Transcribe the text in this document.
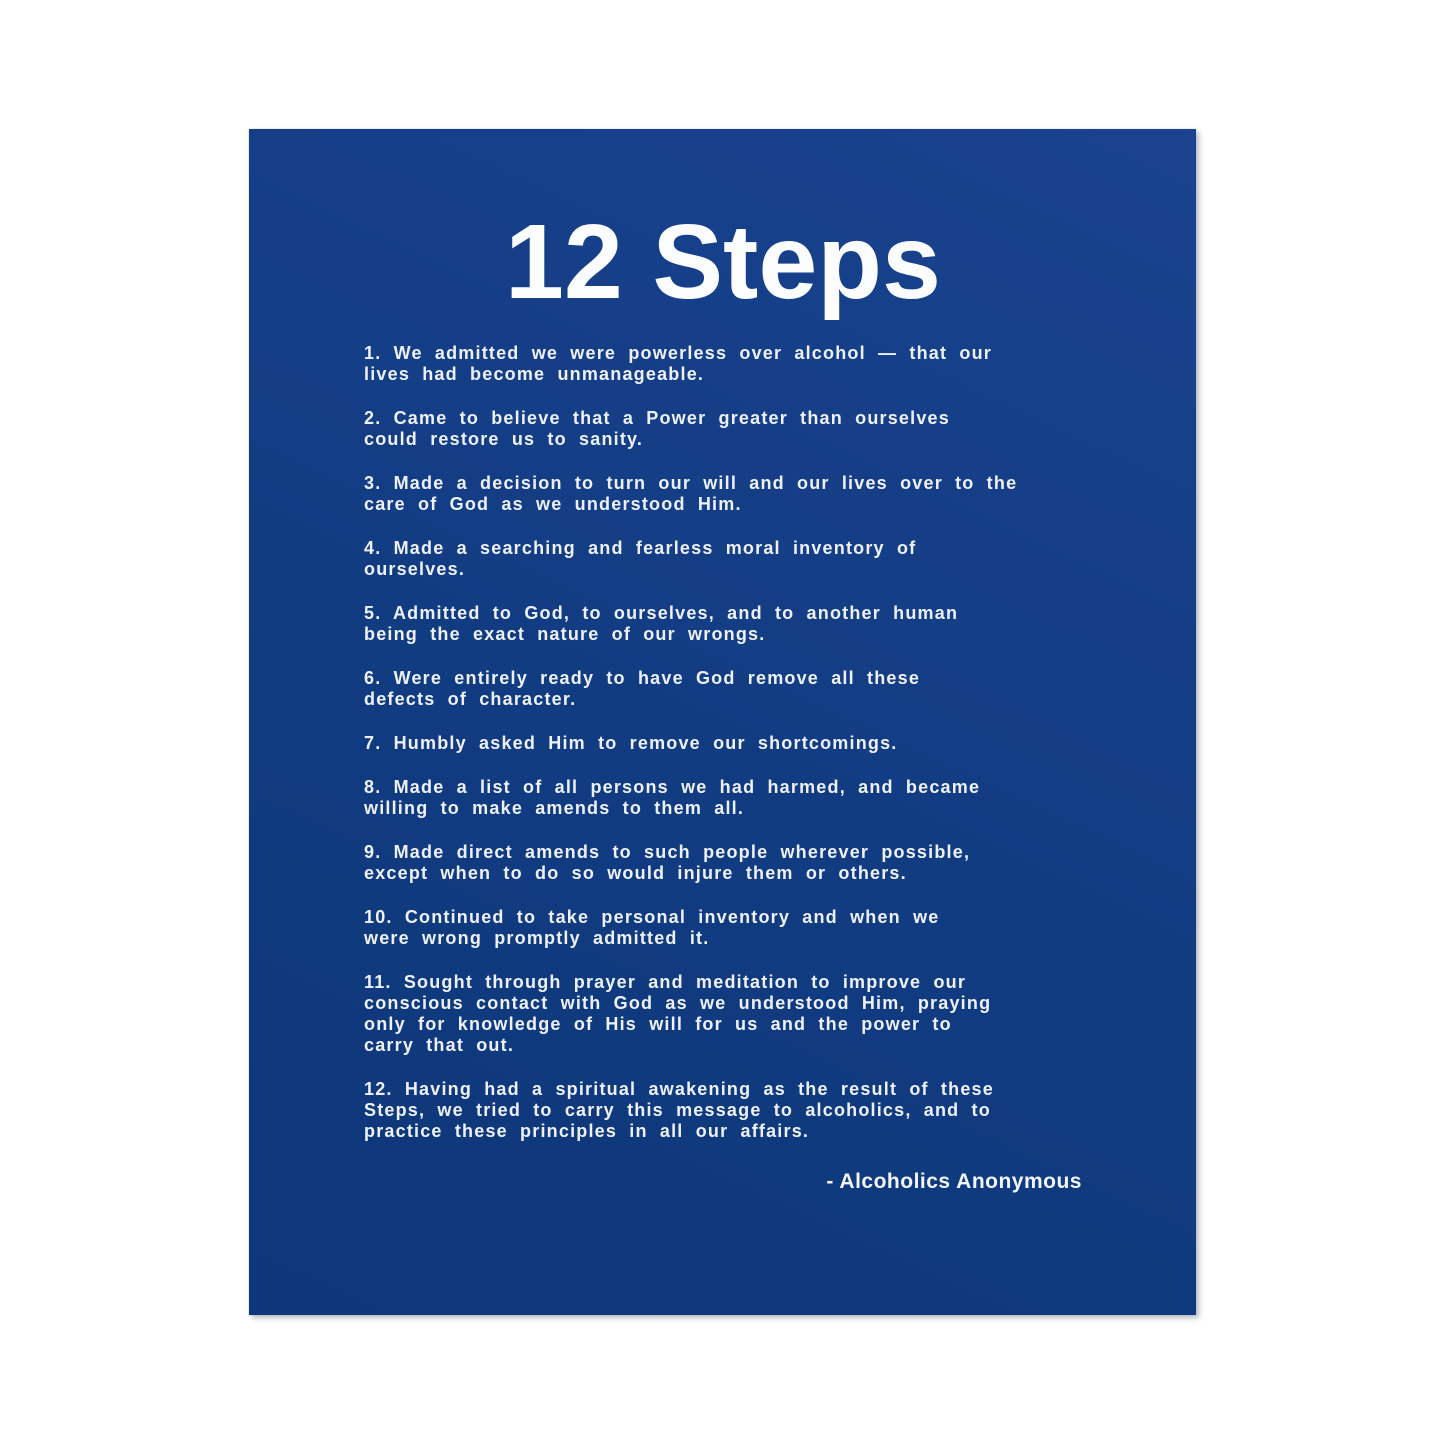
12 Steps
1. We admitted we were powerless over alcohol — that our
lives had become unmanageable.
2. Came to believe that a Power greater than ourselves
could restore us to sanity.
3. Made a decision to turn our will and our lives over to the
care of God as we understood Him.
4. Made a searching and fearless moral inventory of
ourselves.
5. Admitted to God, to ourselves, and to another human
being the exact nature of our wrongs.
6. Were entirely ready to have God remove all these
defects of character.
7. Humbly asked Him to remove our shortcomings.
8. Made a list of all persons we had harmed, and became
willing to make amends to them all.
9. Made direct amends to such people wherever possible,
except when to do so would injure them or others.
10. Continued to take personal inventory and when we
were wrong promptly admitted it.
11. Sought through prayer and meditation to improve our
conscious contact with God as we understood Him, praying
only for knowledge of His will for us and the power to
carry that out.
12. Having had a spiritual awakening as the result of these
Steps, we tried to carry this message to alcoholics, and to
practice these principles in all our affairs.
- Alcoholics Anonymous
